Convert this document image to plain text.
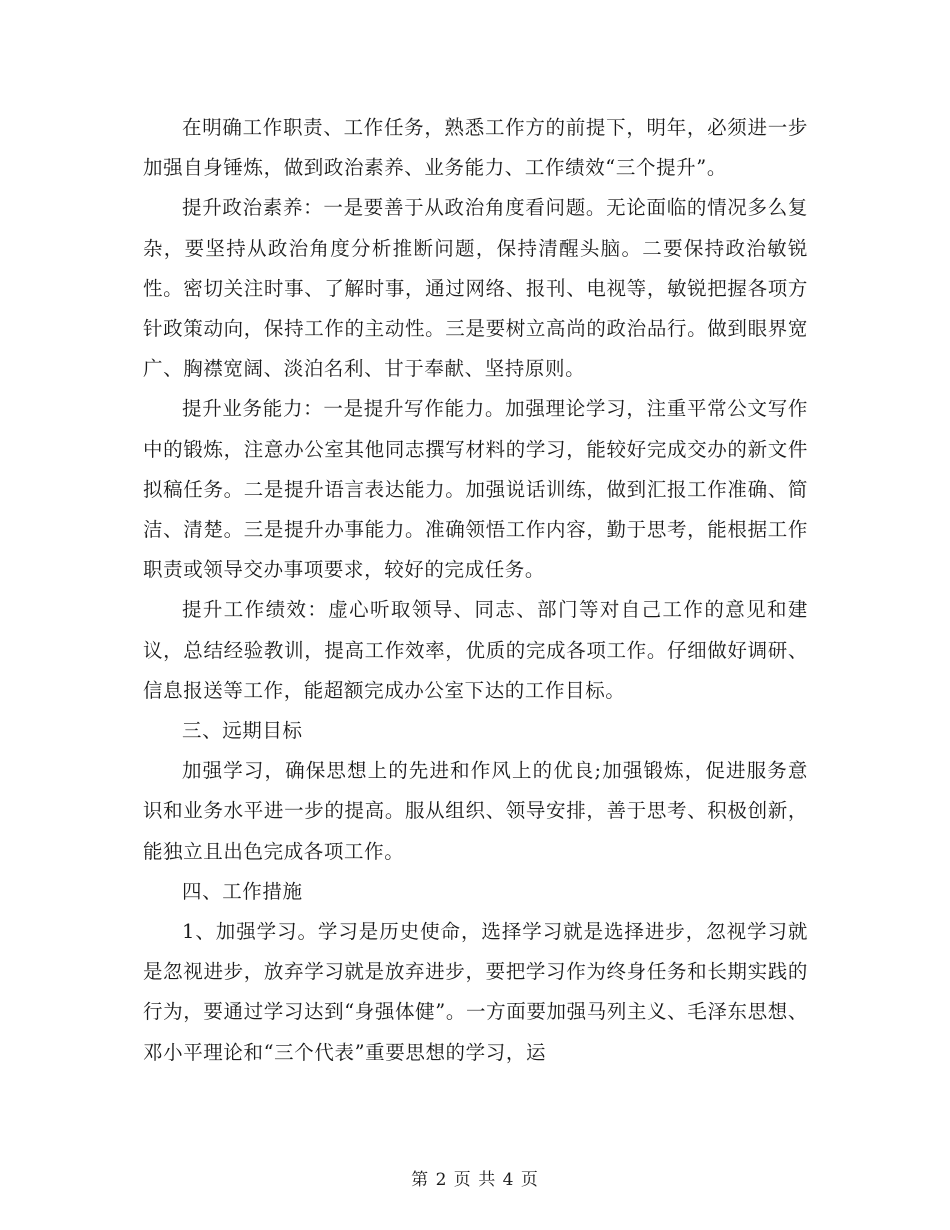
在明确工作职责、工作任务，熟悉工作方的前提下，明年，必须进一步加强自身锤炼，做到政治素养、业务能力、工作绩效“三个提升”。

提升政治素养：一是要善于从政治角度看问题。无论面临的情况多么复杂，要坚持从政治角度分析推断问题，保持清醒头脑。二要保持政治敏锐性。密切关注时事、了解时事，通过网络、报刊、电视等，敏锐把握各项方针政策动向，保持工作的主动性。三是要树立高尚的政治品行。做到眼界宽广、胸襟宽阔、淡泊名利、甘于奉献、坚持原则。

提升业务能力：一是提升写作能力。加强理论学习，注重平常公文写作中的锻炼，注意办公室其他同志撰写材料的学习，能较好完成交办的新文件拟稿任务。二是提升语言表达能力。加强说话训练，做到汇报工作准确、简洁、清楚。三是提升办事能力。准确领悟工作内容，勤于思考，能根据工作职责或领导交办事项要求，较好的完成任务。

提升工作绩效：虚心听取领导、同志、部门等对自己工作的意见和建议，总结经验教训，提高工作效率，优质的完成各项工作。仔细做好调研、信息报送等工作，能超额完成办公室下达的工作目标。

三、远期目标

加强学习，确保思想上的先进和作风上的优良;加强锻炼，促进服务意识和业务水平进一步的提高。服从组织、领导安排，善于思考、积极创新，能独立且出色完成各项工作。

四、工作措施

1、加强学习。学习是历史使命，选择学习就是选择进步，忽视学习就是忽视进步，放弃学习就是放弃进步，要把学习作为终身任务和长期实践的行为，要通过学习达到“身强体健”。一方面要加强马列主义、毛泽东思想、邓小平理论和“三个代表”重要思想的学习，运

第 2 页 共 4 页
